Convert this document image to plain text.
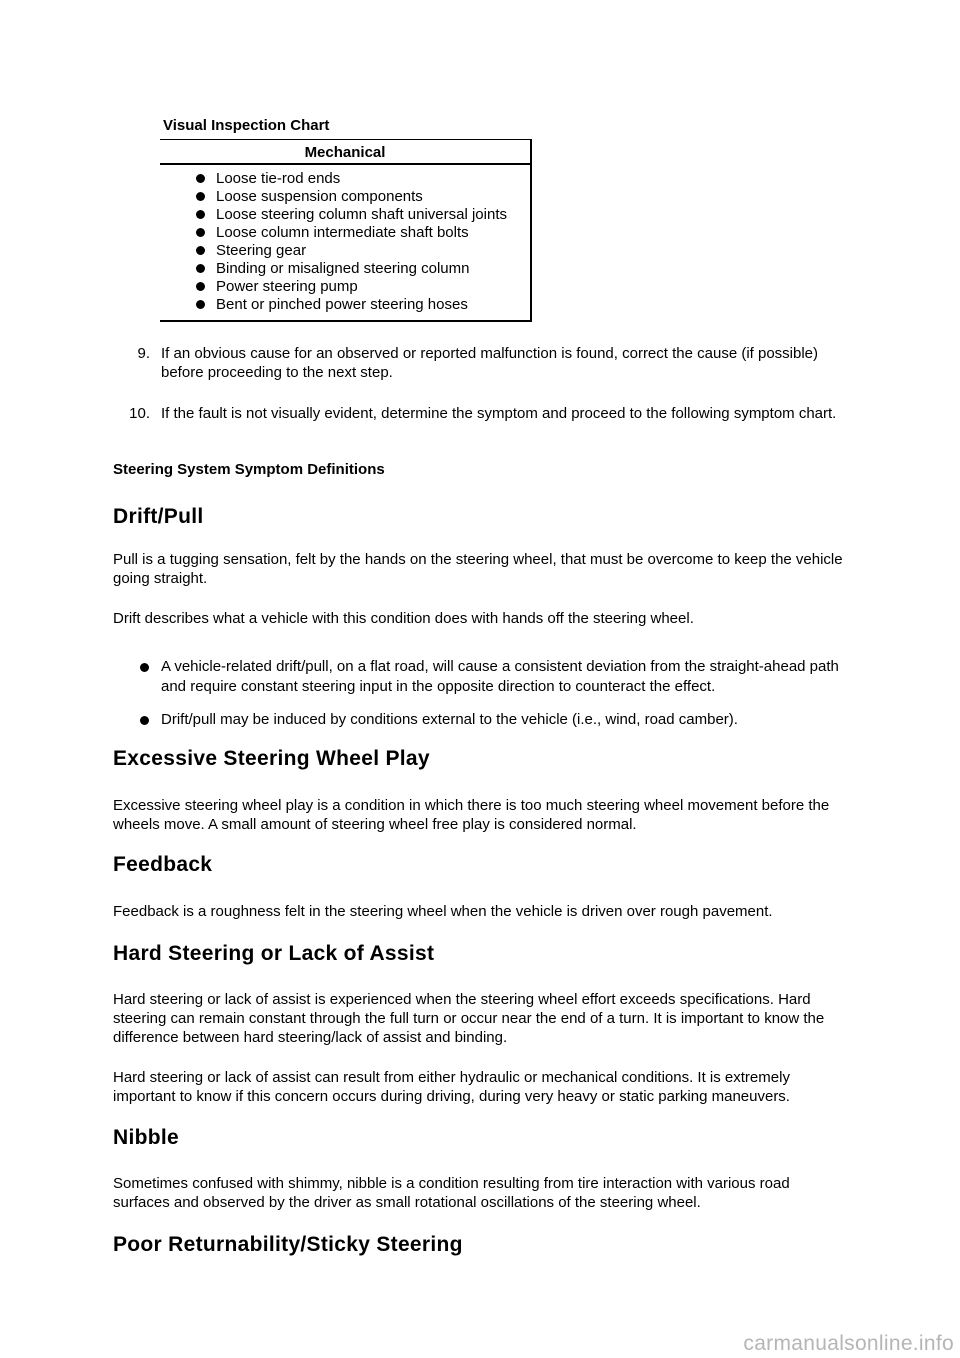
Visual Inspection Chart

Mechanical

Loose tie-rod ends
Loose suspension components
Loose steering column shaft universal joints
Loose column intermediate shaft bolts
Steering gear
Binding or misaligned steering column
Power steering pump
Bent or pinched power steering hoses
9. If an obvious cause for an observed or reported malfunction is found, correct the cause (if possible) before proceeding to the next step.
10. If the fault is not visually evident, determine the symptom and proceed to the following symptom chart.

Steering System Symptom Definitions

Drift/Pull

Pull is a tugging sensation, felt by the hands on the steering wheel, that must be overcome to keep the vehicle going straight.

Drift describes what a vehicle with this condition does with hands off the steering wheel.

A vehicle-related drift/pull, on a flat road, will cause a consistent deviation from the straight-ahead path and require constant steering input in the opposite direction to counteract the effect.
Drift/pull may be induced by conditions external to the vehicle (i.e., wind, road camber).
Excessive Steering Wheel Play

Excessive steering wheel play is a condition in which there is too much steering wheel movement before the wheels move. A small amount of steering wheel free play is considered normal.

Feedback

Feedback is a roughness felt in the steering wheel when the vehicle is driven over rough pavement.

Hard Steering or Lack of Assist

Hard steering or lack of assist is experienced when the steering wheel effort exceeds specifications. Hard steering can remain constant through the full turn or occur near the end of a turn. It is important to know the difference between hard steering/lack of assist and binding.

Hard steering or lack of assist can result from either hydraulic or mechanical conditions. It is extremely important to know if this concern occurs during driving, during very heavy or static parking maneuvers.

Nibble

Sometimes confused with shimmy, nibble is a condition resulting from tire interaction with various road surfaces and observed by the driver as small rotational oscillations of the steering wheel.

Poor Returnability/Sticky Steering
carmanualsonline.info
